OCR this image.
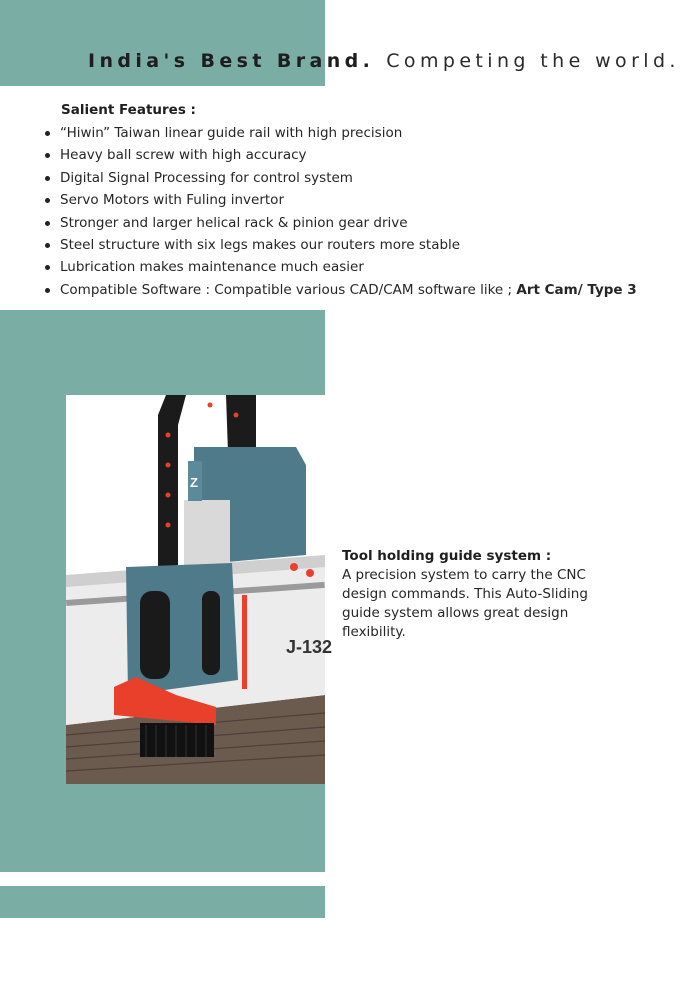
India's Best Brand. Competing the world.
Salient Features :
“Hiwin” Taiwan linear guide rail with high precision
Heavy ball screw with high accuracy
Digital Signal Processing for control system
Servo Motors with Fuling invertor
Stronger and larger helical rack & pinion gear drive
Steel structure with six legs makes our routers more stable
Lubrication makes maintenance much easier
Compatible Software : Compatible various CAD/CAM software like ; Art Cam/ Type 3
J-132
Z
Tool holding guide system :
A precision system to carry the CNC design commands. This Auto-Sliding guide system allows great design flexibility.
